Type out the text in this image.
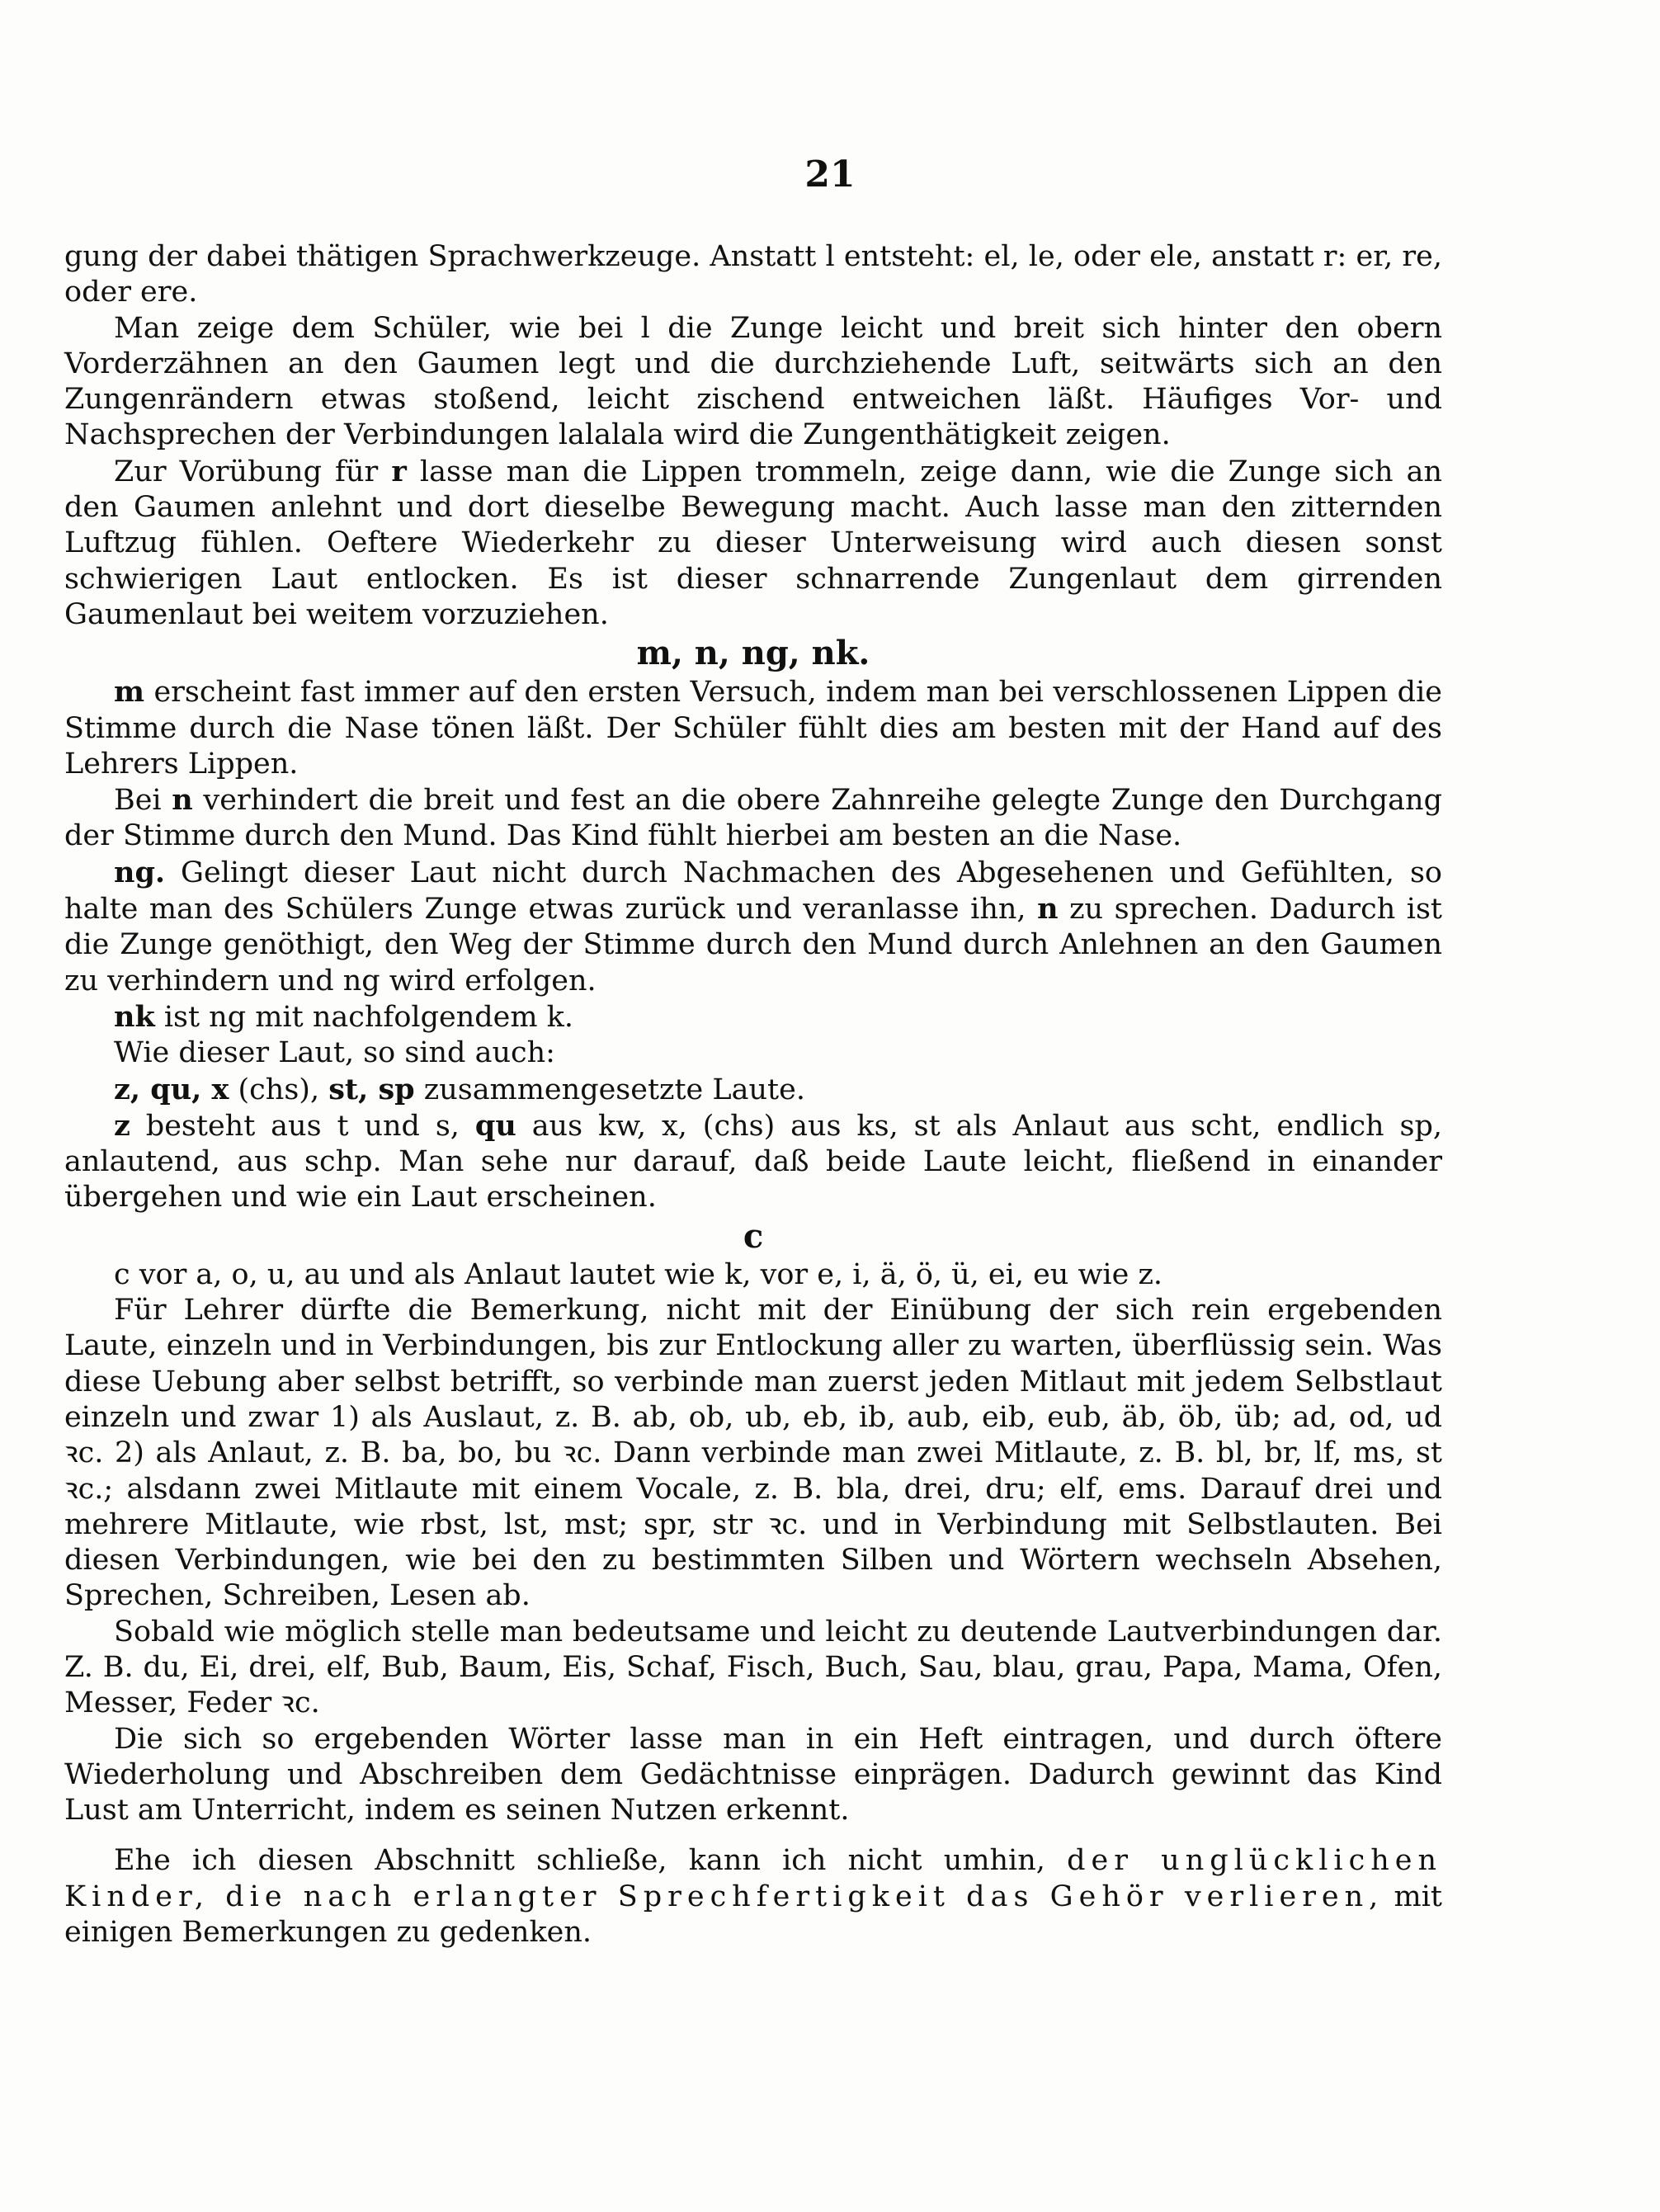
21

gung der dabei thätigen Sprachwerkzeuge. Anstatt l entsteht: el, le, oder ele, anstatt r: er, re, oder ere.

Man zeige dem Schüler, wie bei l die Zunge leicht und breit sich hinter den obern Vorderzähnen an den Gaumen legt und die durchziehende Luft, seitwärts sich an den Zungenrändern etwas stoßend, leicht zischend entweichen läßt. Häufiges Vor- und Nachsprechen der Verbindungen lalalala wird die Zungenthätigkeit zeigen.

Zur Vorübung für r lasse man die Lippen trommeln, zeige dann, wie die Zunge sich an den Gaumen anlehnt und dort dieselbe Bewegung macht. Auch lasse man den zitternden Luftzug fühlen. Oeftere Wiederkehr zu dieser Unterweisung wird auch diesen sonst schwierigen Laut entlocken. Es ist dieser schnarrende Zungenlaut dem girrenden Gaumenlaut bei weitem vorzuziehen.

m, n, ng, nk.

m erscheint fast immer auf den ersten Versuch, indem man bei verschlossenen Lippen die Stimme durch die Nase tönen läßt. Der Schüler fühlt dies am besten mit der Hand auf des Lehrers Lippen.

Bei n verhindert die breit und fest an die obere Zahnreihe gelegte Zunge den Durchgang der Stimme durch den Mund. Das Kind fühlt hierbei am besten an die Nase.

ng. Gelingt dieser Laut nicht durch Nachmachen des Abgesehenen und Gefühlten, so halte man des Schülers Zunge etwas zurück und veranlasse ihn, n zu sprechen. Dadurch ist die Zunge genöthigt, den Weg der Stimme durch den Mund durch Anlehnen an den Gaumen zu verhindern und ng wird erfolgen.

nk ist ng mit nachfolgendem k.

Wie dieser Laut, so sind auch:

z, qu, x (chs), st, sp zusammengesetzte Laute.

z besteht aus t und s, qu aus kw, x, (chs) aus ks, st als Anlaut aus scht, endlich sp, anlautend, aus schp. Man sehe nur darauf, daß beide Laute leicht, fließend in einander übergehen und wie ein Laut erscheinen.

c

c vor a, o, u, au und als Anlaut lautet wie k, vor e, i, ä, ö, ü, ei, eu wie z.

Für Lehrer dürfte die Bemerkung, nicht mit der Einübung der sich rein ergebenden Laute, einzeln und in Verbindungen, bis zur Entlockung aller zu warten, überflüssig sein. Was diese Uebung aber selbst betrifft, so verbinde man zuerst jeden Mitlaut mit jedem Selbstlaut einzeln und zwar 1) als Auslaut, z. B. ab, ob, ub, eb, ib, aub, eib, eub, äb, öb, üb; ad, od, ud ꝛc. 2) als Anlaut, z. B. ba, bo, bu ꝛc. Dann verbinde man zwei Mitlaute, z. B. bl, br, lf, ms, st ꝛc.; alsdann zwei Mitlaute mit einem Vocale, z. B. bla, drei, dru; elf, ems. Darauf drei und mehrere Mitlaute, wie rbst, lst, mst; spr, str ꝛc. und in Verbindung mit Selbstlauten. Bei diesen Verbindungen, wie bei den zu bestimmten Silben und Wörtern wechseln Absehen, Sprechen, Schreiben, Lesen ab.

Sobald wie möglich stelle man bedeutsame und leicht zu deutende Lautverbindungen dar. Z. B. du, Ei, drei, elf, Bub, Baum, Eis, Schaf, Fisch, Buch, Sau, blau, grau, Papa, Mama, Ofen, Messer, Feder ꝛc.

Die sich so ergebenden Wörter lasse man in ein Heft eintragen, und durch öftere Wiederholung und Abschreiben dem Gedächtnisse einprägen. Dadurch gewinnt das Kind Lust am Unterricht, indem es seinen Nutzen erkennt.

Ehe ich diesen Abschnitt schließe, kann ich nicht umhin, der unglücklichen Kinder, die nach erlangter Sprechfertigkeit das Gehör verlieren, mit einigen Bemerkungen zu gedenken.
